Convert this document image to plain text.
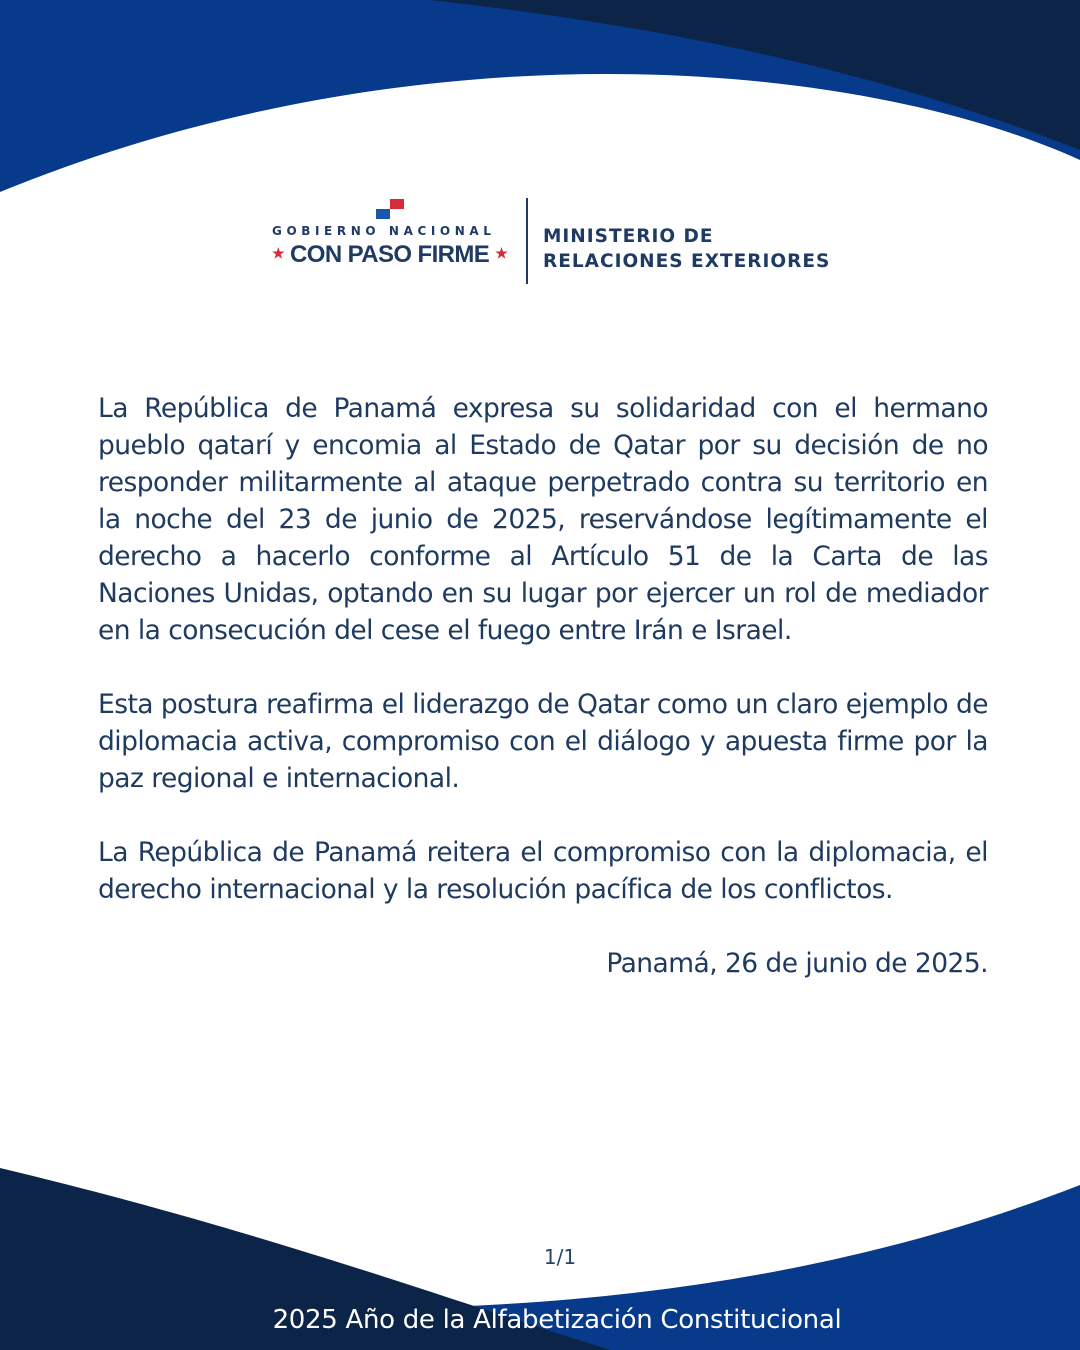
GOBIERNO NACIONAL
★ CON PASO FIRME ★
MINISTERIO DE
RELACIONES EXTERIORES

La República de Panamá expresa su solidaridad con el hermano pueblo qatarí y encomia al Estado de Qatar por su decisión de no responder militarmente al ataque perpetrado contra su territorio en la noche del 23 de junio de 2025, reservándose legítimamente el derecho a hacerlo conforme al Artículo 51 de la Carta de las Naciones Unidas, optando en su lugar por ejercer un rol de mediador en la consecución del cese el fuego entre Irán e Israel.

Esta postura reafirma el liderazgo de Qatar como un claro ejemplo de diplomacia activa, compromiso con el diálogo y apuesta firme por la paz regional e internacional.

La República de Panamá reitera el compromiso con la diplomacia, el derecho internacional y la resolución pacífica de los conflictos.

Panamá, 26 de junio de 2025.

1/1
2025 Año de la Alfabetización Constitucional
